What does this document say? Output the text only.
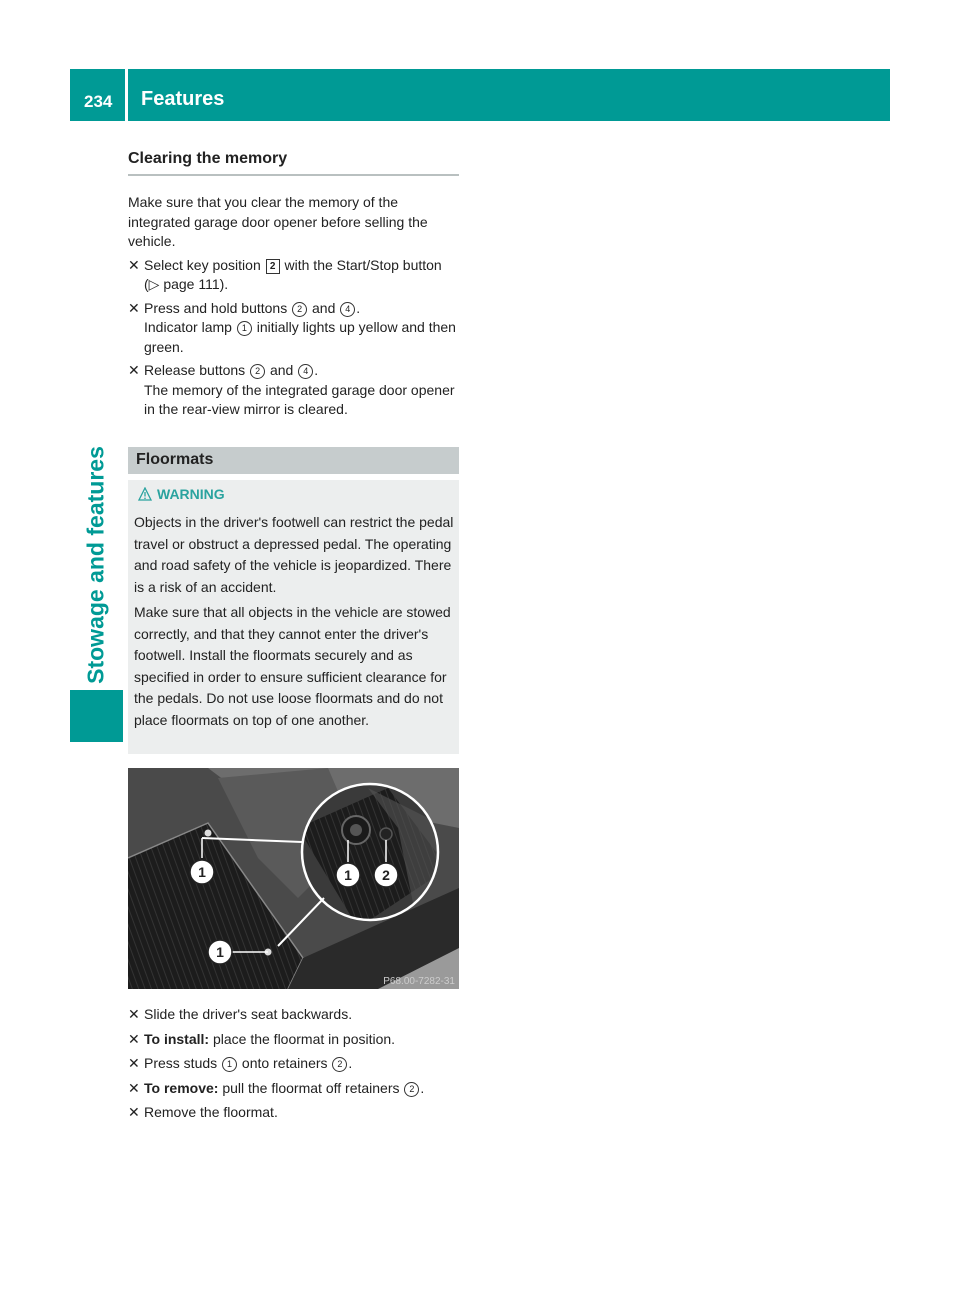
234 Features
Stowage and features
Clearing the memory

Make sure that you clear the memory of the integrated garage door opener before selling the vehicle.

✕ Select key position 2 with the Start/Stop button (▷ page 111).
✕ Press and hold buttons 2 and 4 .
Indicator lamp 1 initially lights up yellow and then green.
✕ Release buttons 2 and 4 .
The memory of the integrated garage door opener in the rear-view mirror is cleared.
Floormats
WARNING

Objects in the driver's footwell can restrict the pedal travel or obstruct a depressed pedal. The operating and road safety of the vehicle is jeopardized. There is a risk of an accident.

Make sure that all objects in the vehicle are stowed correctly, and that they cannot enter the driver's footwell. Install the floormats securely and as specified in order to ensure sufficient clearance for the pedals. Do not use loose floormats and do not place floormats on top of one another.

1	1 2
1
P68.00-7282-31
✕ Slide the driver's seat backwards.
✕ To install: place the floormat in position.
✕ Press studs 1 onto retainers 2 .
✕ To remove: pull the floormat off retainers 2 .
✕ Remove the floormat.
